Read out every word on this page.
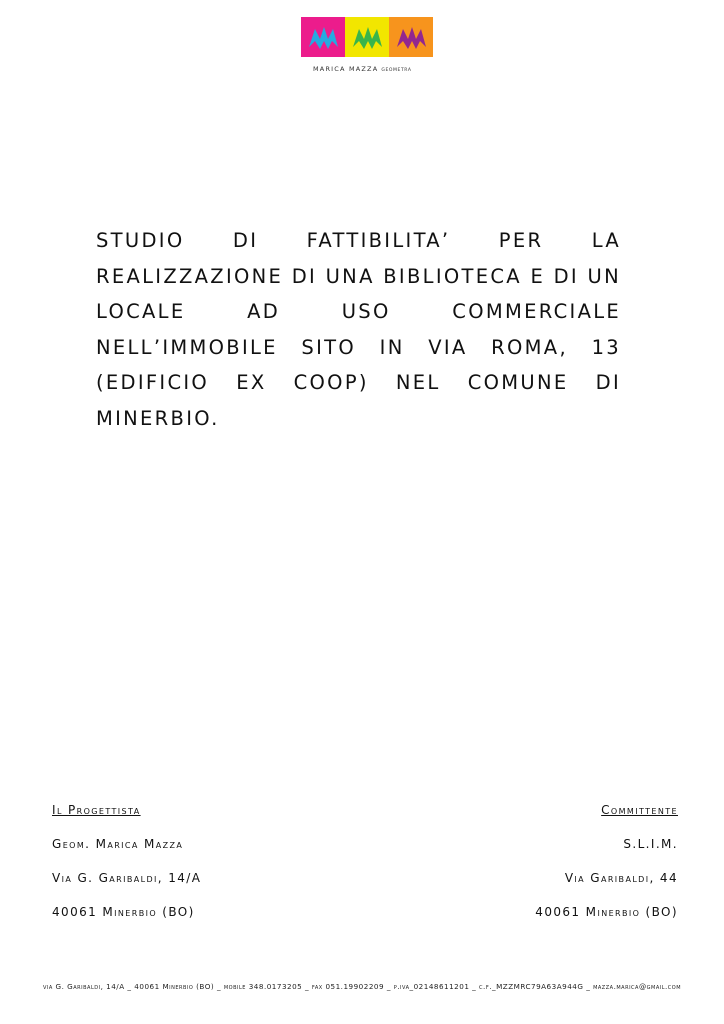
MARICA MAZZA GEOMETRA
STUDIO DI FATTIBILITA’ PER LA REALIZZAZIONE DI UNA BIBLIOTECA E DI UN LOCALE AD USO COMMERCIALE NELL’IMMOBILE SITO IN VIA ROMA, 13 (EDIFICIO EX COOP) NEL COMUNE DI MINERBIO.
Il Progettista
Geom. Marica Mazza
Via G. Garibaldi, 14/A
40061 Minerbio (BO)
Committente
S.L.I.M.
Via Garibaldi, 44
40061 Minerbio (BO)
via G. Garibaldi, 14/A _ 40061 Minerbio (BO) _ mobile 348.0173205 _ fax 051.19902209 _ p.iva_02148611201 _ c.f._MZZMRC79A63A944G _ mazza.marica@gmail.com
